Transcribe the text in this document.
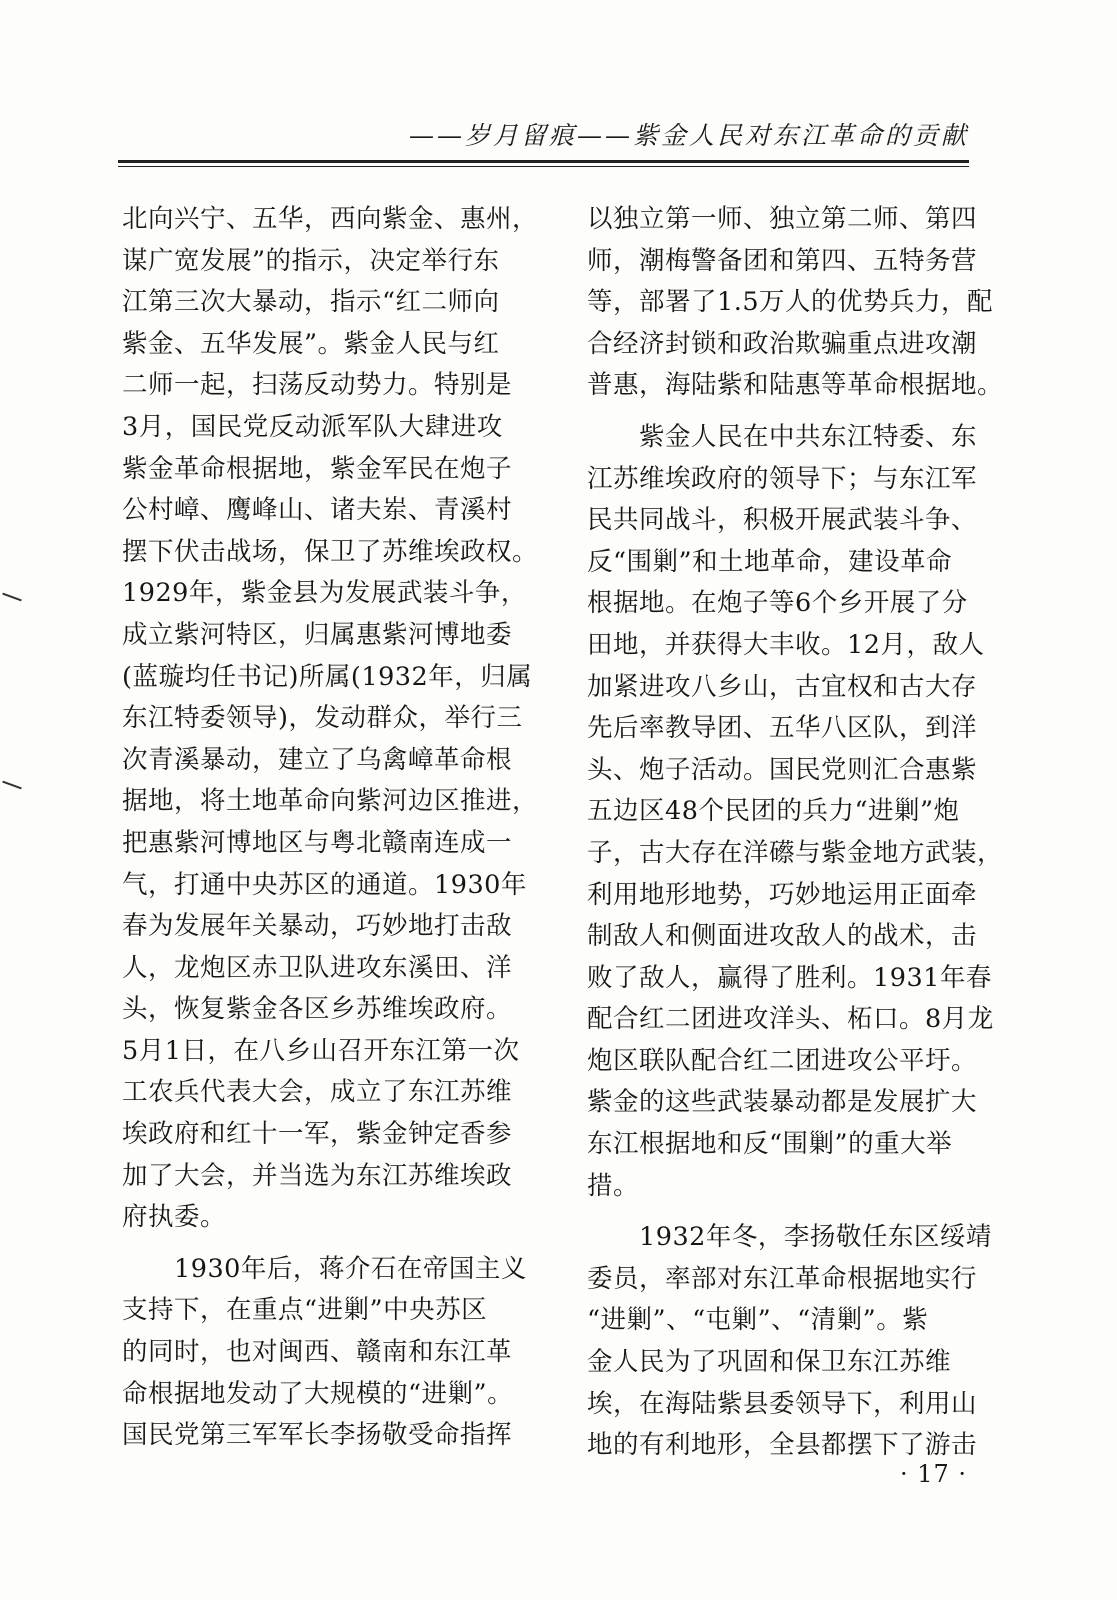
——岁月留痕——紫金人民对东江革命的贡献
北向兴宁、五华，西向紫金、惠州，
谋广宽发展”的指示，决定举行东
江第三次大暴动，指示“红二师向
紫金、五华发展”。紫金人民与红
二师一起，扫荡反动势力。特别是
3月，国民党反动派军队大肆进攻
紫金革命根据地，紫金军民在炮子
公村嶂、鹰峰山、诸夫岽、青溪村
摆下伏击战场，保卫了苏维埃政权。
1929年，紫金县为发展武装斗争，
成立紫河特区，归属惠紫河博地委
(蓝璇均任书记)所属(1932年，归属
东江特委领导)，发动群众，举行三
次青溪暴动，建立了乌禽嶂革命根
据地，将土地革命向紫河边区推进，
把惠紫河博地区与粤北赣南连成一
气，打通中央苏区的通道。1930年
春为发展年关暴动，巧妙地打击敌
人，龙炮区赤卫队进攻东溪田、洋
头，恢复紫金各区乡苏维埃政府。
5月1日，在八乡山召开东江第一次
工农兵代表大会，成立了东江苏维
埃政府和红十一军，紫金钟定香参
加了大会，并当选为东江苏维埃政
府执委。
1930年后，蒋介石在帝国主义
支持下，在重点“进剿”中央苏区
的同时，也对闽西、赣南和东江革
命根据地发动了大规模的“进剿”。
国民党第三军军长李扬敬受命指挥
以独立第一师、独立第二师、第四
师，潮梅警备团和第四、五特务营
等，部署了1.5万人的优势兵力，配
合经济封锁和政治欺骗重点进攻潮
普惠，海陆紫和陆惠等革命根据地。
紫金人民在中共东江特委、东
江苏维埃政府的领导下；与东江军
民共同战斗，积极开展武装斗争、
反“围剿”和土地革命，建设革命
根据地。在炮子等6个乡开展了分
田地，并获得大丰收。12月，敌人
加紧进攻八乡山，古宜权和古大存
先后率教导团、五华八区队，到洋
头、炮子活动。国民党则汇合惠紫
五边区48个民团的兵力“进剿”炮
子，古大存在洋礤与紫金地方武装，
利用地形地势，巧妙地运用正面牵
制敌人和侧面进攻敌人的战术，击
败了敌人，赢得了胜利。1931年春
配合红二团进攻洋头、柘口。8月龙
炮区联队配合红二团进攻公平圩。
紫金的这些武装暴动都是发展扩大
东江根据地和反“围剿”的重大举
措。
1932年冬，李扬敬任东区绥靖
委员，率部对东江革命根据地实行
“进剿”、“屯剿”、“清剿”。紫
金人民为了巩固和保卫东江苏维
埃，在海陆紫县委领导下，利用山
地的有利地形，全县都摆下了游击
· 17 ·
